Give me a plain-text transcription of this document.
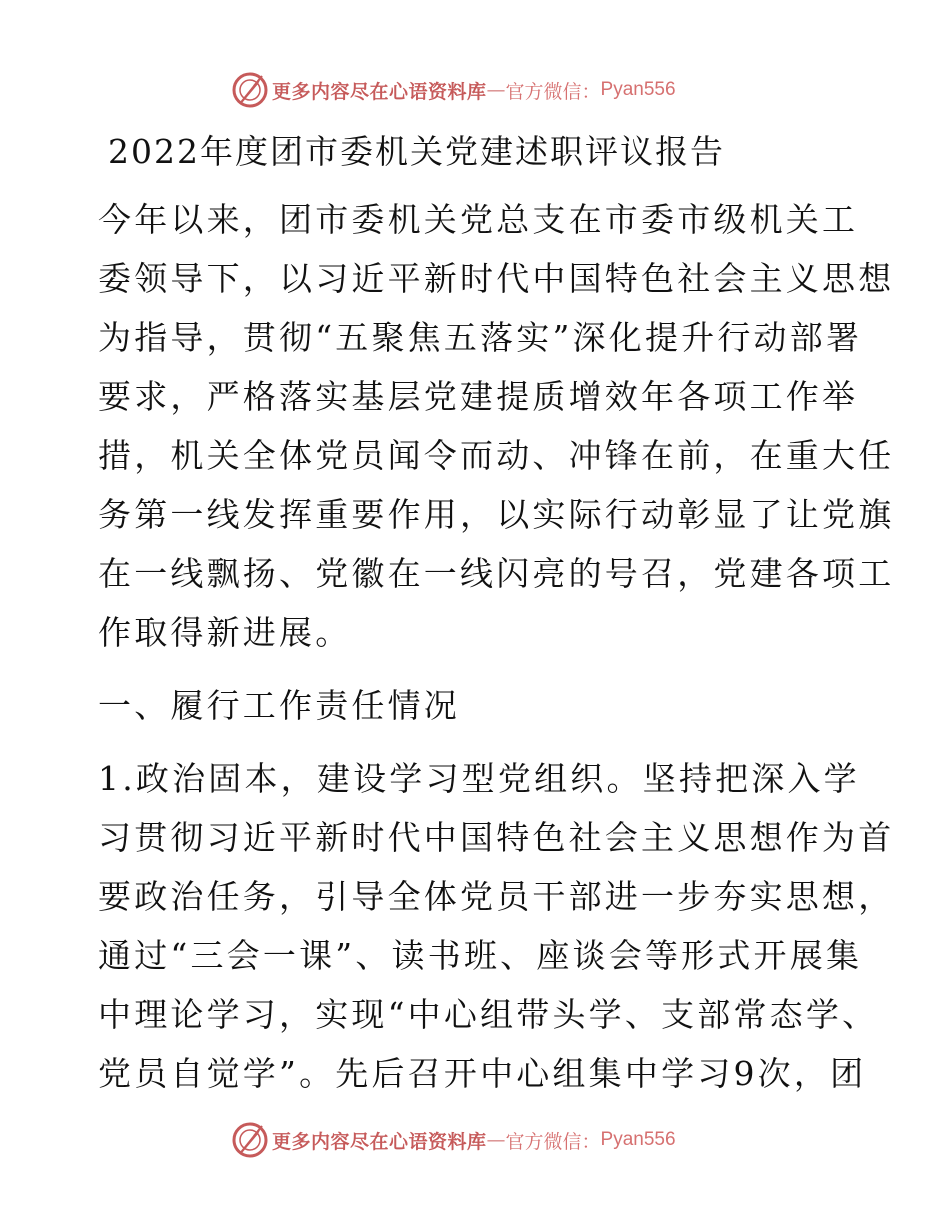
更多内容尽在心语资料库 — 官方微信： Pyan556
2022年度团市委机关党建述职评议报告

今年以来，团市委机关党总支在市委市级机关工

委领导下，以习近平新时代中国特色社会主义思想

为指导，贯彻“五聚焦五落实”深化提升行动部署

要求，严格落实基层党建提质增效年各项工作举

措，机关全体党员闻令而动、冲锋在前，在重大任

务第一线发挥重要作用，以实际行动彰显了让党旗

在一线飘扬、党徽在一线闪亮的号召，党建各项工

作取得新进展。

一、履行工作责任情况

1.政治固本，建设学习型党组织。坚持把深入学

习贯彻习近平新时代中国特色社会主义思想作为首

要政治任务，引导全体党员干部进一步夯实思想，

通过“三会一课”、读书班、座谈会等形式开展集

中理论学习，实现“中心组带头学、支部常态学、

党员自觉学”。先后召开中心组集中学习9次，团

更多内容尽在心语资料库 — 官方微信： Pyan556
